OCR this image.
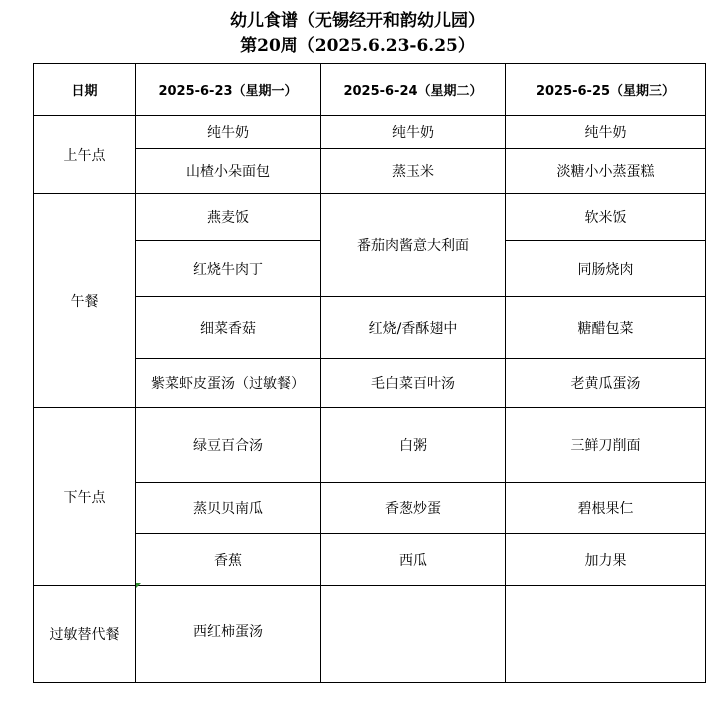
幼儿食谱（无锡经开和韵幼儿园）
第20周（2025.6.23-6.25）
日期	2025-6-23（星期一）	2025-6-24（星期二）	2025-6-25（星期三）
上午点	纯牛奶	纯牛奶	纯牛奶
	山楂小朵面包	蒸玉米	淡糖小小蒸蛋糕
午餐	燕麦饭	番茄肉酱意大利面	软米饭
	红烧牛肉丁		同肠烧肉
	细菜香菇	红烧/香酥翅中	糖醋包菜
	紫菜虾皮蛋汤（过敏餐）	毛白菜百叶汤	老黄瓜蛋汤
下午点	绿豆百合汤	白粥	三鲜刀削面
	蒸贝贝南瓜	香葱炒蛋	碧根果仁
	香蕉	西瓜	加力果
过敏替代餐	西红柿蛋汤		
